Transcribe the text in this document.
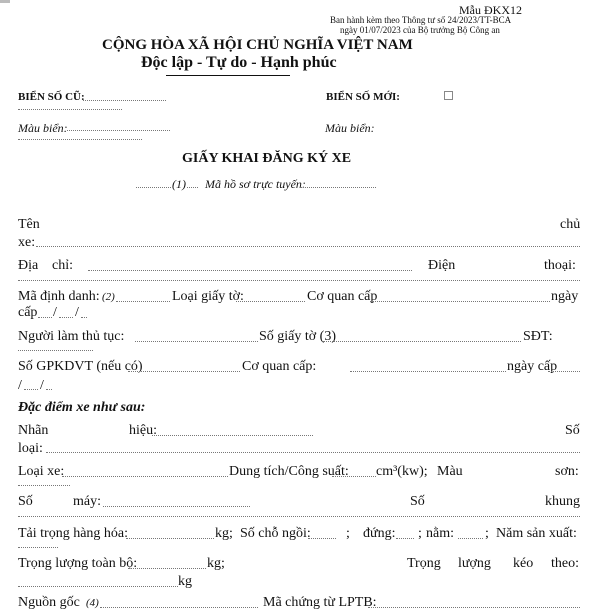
Mẫu ĐKX12
Ban hành kèm theo Thông tư số 24/2023/TT-BCA
ngày 01/07/2023 của Bộ trưởng Bộ Công an
CỘNG HÒA XÃ HỘI CHỦ NGHĨA VIỆT NAM
Độc lập - Tự do - Hạnh phúc
BIỂN SỐ CŨ:	BIỂN SỐ MỚI:
Màu biển:	Màu biển:
GIẤY KHAI ĐĂNG KÝ XE
(1) Mã hồ sơ trực tuyến:
Tên	chủ
xe:
Địa chỉ:	Điện	thoại:
Mã định danh: (2)	Loại giấy tờ:	Cơ quan cấp	ngày
cấp / /
Người làm thủ tục:	Số giấy tờ (3)	SĐT:
Số GPKDVT (nếu có)	Cơ quan cấp:	ngày cấp
/ /
Đặc điểm xe như sau:
Nhãn	hiệu:	Số
loại:
Loại xe:	Dung tích/Công suất: cm³(kw); Màu	sơn:
Số	máy:	Số	khung
Tải trọng hàng hóa:	kg; Số chỗ ngồi:	; đứng: ; nằm: ; Năm sản xuất:
Trọng lượng toàn bộ:	kg;	Trọng lượng kéo theo:
kg
Nguồn gốc (4)	Mã chứng từ LPTB:
